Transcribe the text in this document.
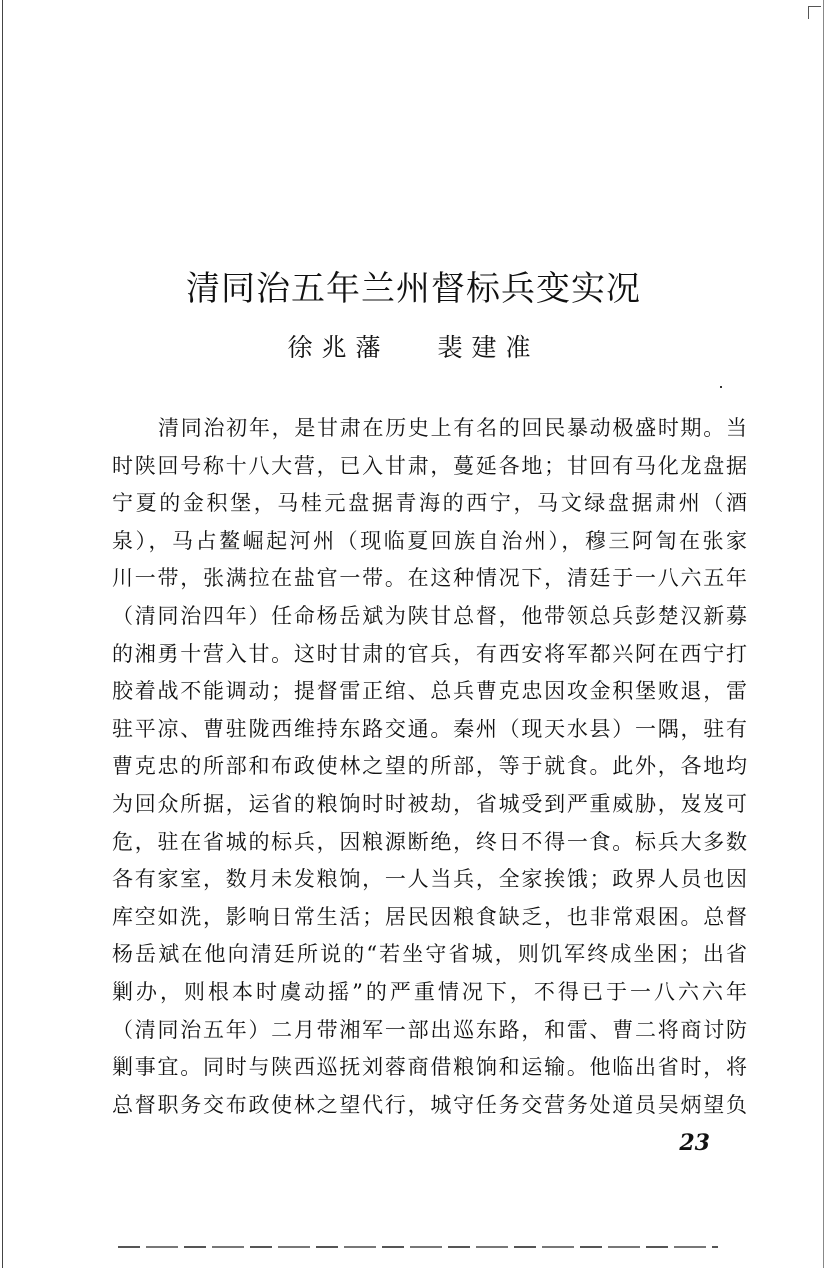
清同治五年兰州督标兵变实况
徐兆藩 裴建准
清同治初年，是甘肃在历史上有名的回民暴动极盛时期。当
时陕回号称十八大营，已入甘肃，蔓延各地；甘回有马化龙盘据
宁夏的金积堡，马桂元盘据青海的西宁，马文绿盘据肃州（酒
泉），马占鳌崛起河州（现临夏回族自治州），穆三阿訇在张家
川一带，张满拉在盐官一带。在这种情况下，清廷于一八六五年
（清同治四年）任命杨岳斌为陕甘总督，他带领总兵彭楚汉新募
的湘勇十营入甘。这时甘肃的官兵，有西安将军都兴阿在西宁打
胶着战不能调动；提督雷正绾、总兵曹克忠因攻金积堡败退，雷
驻平凉、曹驻陇西维持东路交通。秦州（现天水县）一隅，驻有
曹克忠的所部和布政使林之望的所部，等于就食。此外，各地均
为回众所据，运省的粮饷时时被劫，省城受到严重威胁，岌岌可
危，驻在省城的标兵，因粮源断绝，终日不得一食。标兵大多数
各有家室，数月未发粮饷，一人当兵，全家挨饿；政界人员也因
库空如洗，影响日常生活；居民因粮食缺乏，也非常艰困。总督
杨岳斌在他向清廷所说的“若坐守省城，则饥军终成坐困；出省
剿办，则根本时虞动摇”的严重情况下，不得已于一八六六年
（清同治五年）二月带湘军一部出巡东路，和雷、曹二将商讨防
剿事宜。同时与陕西巡抚刘蓉商借粮饷和运输。他临出省时，将
总督职务交布政使林之望代行，城守任务交营务处道员吴炳望负
23
